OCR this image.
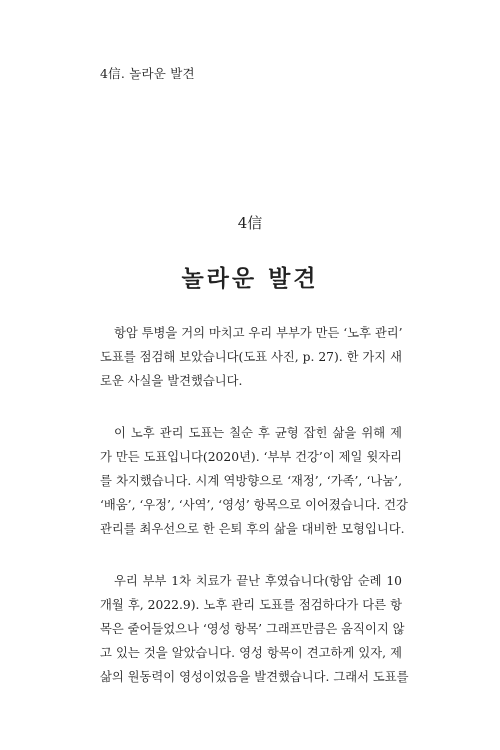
4信. 놀라운 발견
4信
놀라운 발견
항암 투병을 거의 마치고 우리 부부가 만든 ‘노후 관리’
도표를 점검해 보았습니다(도표 사진, p. 27). 한 가지 새
로운 사실을 발견했습니다.
이 노후 관리 도표는 칠순 후 균형 잡힌 삶을 위해 제
가 만든 도표입니다(2020년). ‘부부 건강’이 제일 윗자리
를 차지했습니다. 시계 역방향으로 ‘재정’, ‘가족’, ‘나눔’,
‘배움’, ‘우정’, ‘사역’, ‘영성’ 항목으로 이어졌습니다. 건강
관리를 최우선으로 한 은퇴 후의 삶을 대비한 모형입니다.
우리 부부 1차 치료가 끝난 후였습니다(항암 순례 10
개월 후, 2022.9). 노후 관리 도표를 점검하다가 다른 항
목은 줄어들었으나 ‘영성 항목’ 그래프만큼은 움직이지 않
고 있는 것을 알았습니다. 영성 항목이 견고하게 있자, 제
삶의 원동력이 영성이었음을 발견했습니다. 그래서 도표를
